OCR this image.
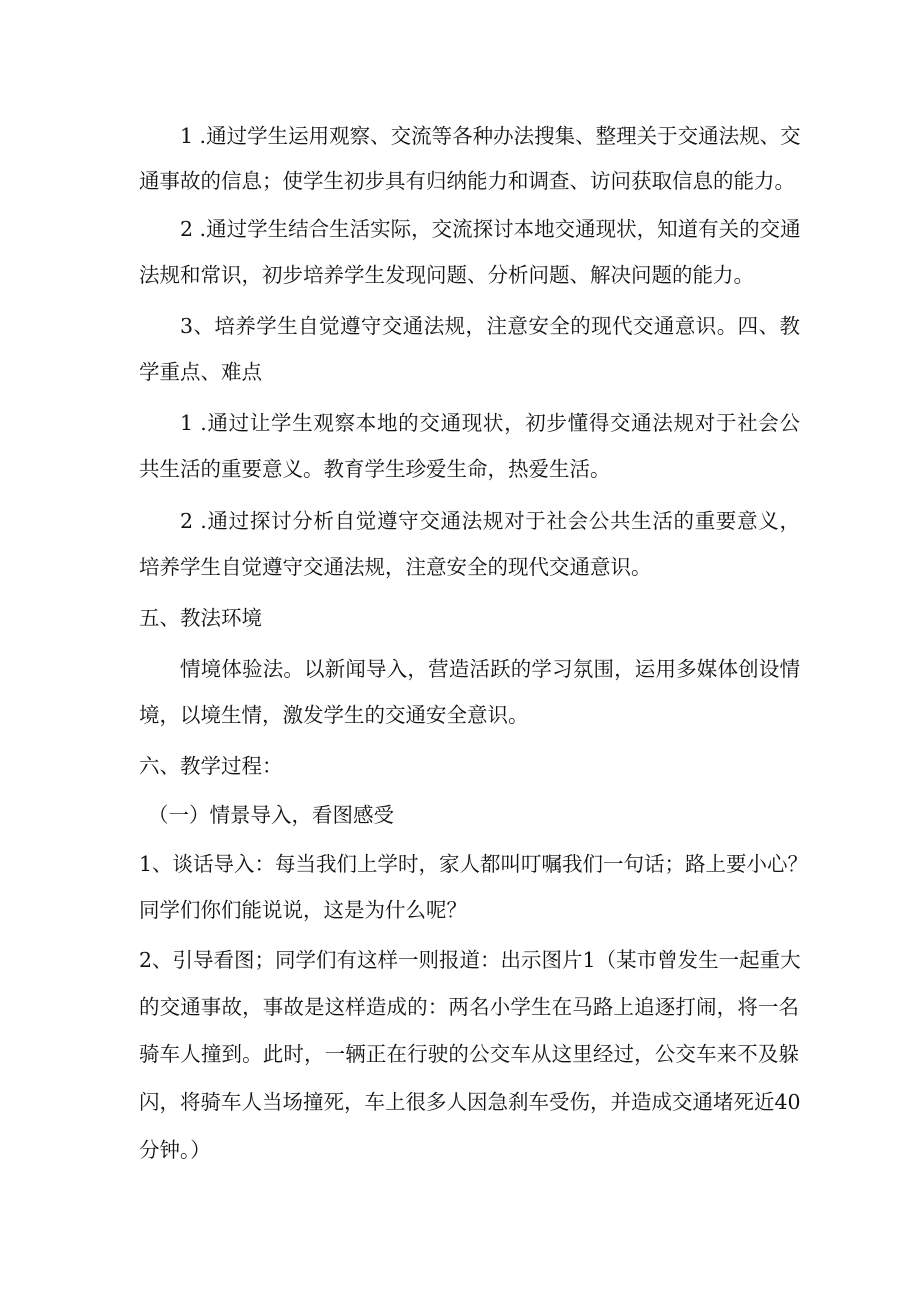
1 .通过学生运用观察、交流等各种办法搜集、整理关于交通法规、交
通事故的信息；使学生初步具有归纳能力和调查、访问获取信息的能力。
2 .通过学生结合生活实际，交流探讨本地交通现状，知道有关的交通
法规和常识，初步培养学生发现问题、分析问题、解决问题的能力。
3、培养学生自觉遵守交通法规，注意安全的现代交通意识。四、教
学重点、难点
1 .通过让学生观察本地的交通现状，初步懂得交通法规对于社会公
共生活的重要意义。教育学生珍爱生命，热爱生活。
2 .通过探讨分析自觉遵守交通法规对于社会公共生活的重要意义，
培养学生自觉遵守交通法规，注意安全的现代交通意识。
五、教法环境
情境体验法。以新闻导入，营造活跃的学习氛围，运用多媒体创设情
境，以境生情，激发学生的交通安全意识。
六、教学过程：
（一）情景导入，看图感受
1、谈话导入：每当我们上学时，家人都叫叮嘱我们一句话；路上要小心？
同学们你们能说说，这是为什么呢？
2、引导看图；同学们有这样一则报道：出示图片1（某市曾发生一起重大
的交通事故，事故是这样造成的：两名小学生在马路上追逐打闹，将一名
骑车人撞到。此时，一辆正在行驶的公交车从这里经过，公交车来不及躲
闪，将骑车人当场撞死，车上很多人因急刹车受伤，并造成交通堵死近40
分钟。）
